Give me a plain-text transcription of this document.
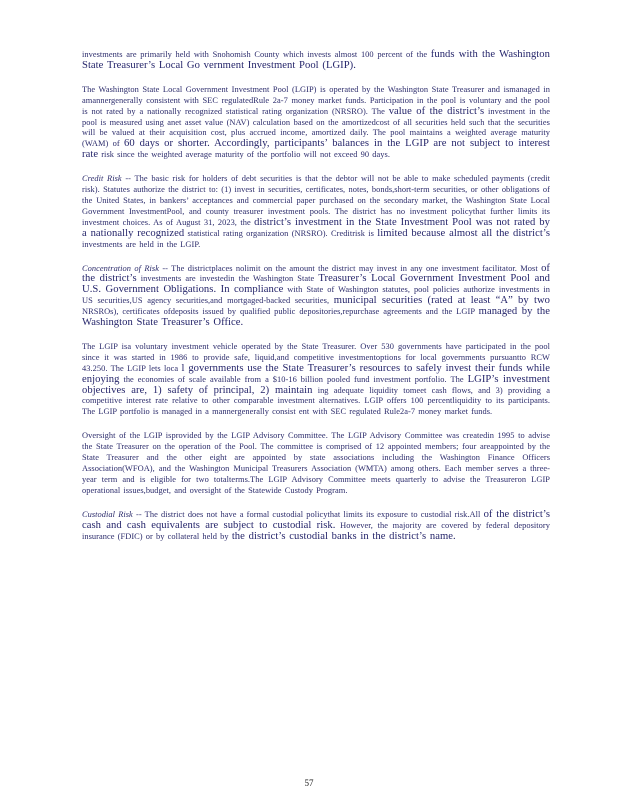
investments are primarily held with Snohomish County which invests almost 100 percent of the funds with the Washington State Treasurer’s Local Go vernment Investment Pool (LGIP).

The Washington State Local Government Investment Pool (LGIP) is operated by the Washington State Treasurer and ismanaged in amannergenerally consistent with SEC regulatedRule 2a-7 money market funds. Participation in the pool is voluntary and the pool is not rated by a nationally recognized statistical rating organization (NRSRO). The value of the district’s investment in the pool is measured using anet asset value (NAV) calculation based on the amortizedcost of all securities held such that the securities will be valued at their acquisition cost, plus accrued income, amortized daily. The pool maintains a weighted average maturity (WAM) of 60 days or shorter. Accordingly, participants’ balances in the LGIP are not subject to interest rate risk since the weighted average maturity of the portfolio will not exceed 90 days.

Credit Risk -- The basic risk for holders of debt securities is that the debtor will not be able to make scheduled payments (credit risk). Statutes authorize the district to: (1) invest in securities, certificates, notes, bonds,short-term securities, or other obligations of the United States, in bankers’ acceptances and commercial paper purchased on the secondary market, the Washington State Local Government InvestmentPool, and county treasurer investment pools. The district has no investment policythat further limits its investment choices. As of August 31, 2023, the district’s investment in the State Investment Pool was not rated by a nationally recognized statistical rating organization (NRSRO). Creditrisk is limited because almost all the district’s investments are held in the LGIP.

Concentration of Risk -- The districtplaces nolimit on the amount the district may invest in any one investment facilitator. Most of the district’s investments are investedin the Washington State Treasurer’s Local Government Investment Pool and U.S. Government Obligations. In compliance with State of Washington statutes, pool policies authorize investments in US securities,US agency securities,and mortgaged-backed securities, municipal securities (rated at least “A” by two NRSROs), certificates ofdeposits issued by qualified public depositories,repurchase agreements and the LGIP managed by the Washington State Treasurer’s Office.

The LGIP isa voluntary investment vehicle operated by the State Treasurer. Over 530 governments have participated in the pool since it was started in 1986 to provide safe, liquid,and competitive investmentoptions for local governments pursuantto RCW 43.250. The LGIP lets loca l governments use the State Treasurer’s resources to safely invest their funds while enjoying the economies of scale available from a $10-16 billion pooled fund investment portfolio. The LGIP’s investment objectives are, 1) safety of principal, 2) maintain ing adequate liquidity tomeet cash flows, and 3) providing a competitive interest rate relative to other comparable investment alternatives. LGIP offers 100 percentliquidity to its participants. The LGIP portfolio is managed in a mannergenerally consist ent with SEC regulated Rule2a-7 money market funds.

Oversight of the LGIP isprovided by the LGIP Advisory Committee. The LGIP Advisory Committee was createdin 1995 to advise the State Treasurer on the operation of the Pool. The committee is comprised of 12 appointed members; four areappointed by the State Treasurer and the other eight are appointed by state associations including the Washington Finance Officers Association(WFOA), and the Washington Municipal Treasurers Association (WMTA) among others. Each member serves a three-year term and is eligible for two totalterms.The LGIP Advisory Committee meets quarterly to advise the Treasureron LGIP operational issues,budget, and oversight of the Statewide Custody Program.

Custodial Risk -- The district does not have a formal custodial policythat limits its exposure to custodial risk.All of the district’s cash and cash equivalents are subject to custodial risk. However, the majority are covered by federal depository insurance (FDIC) or by collateral held by the district’s custodial banks in the district’s name.

57
